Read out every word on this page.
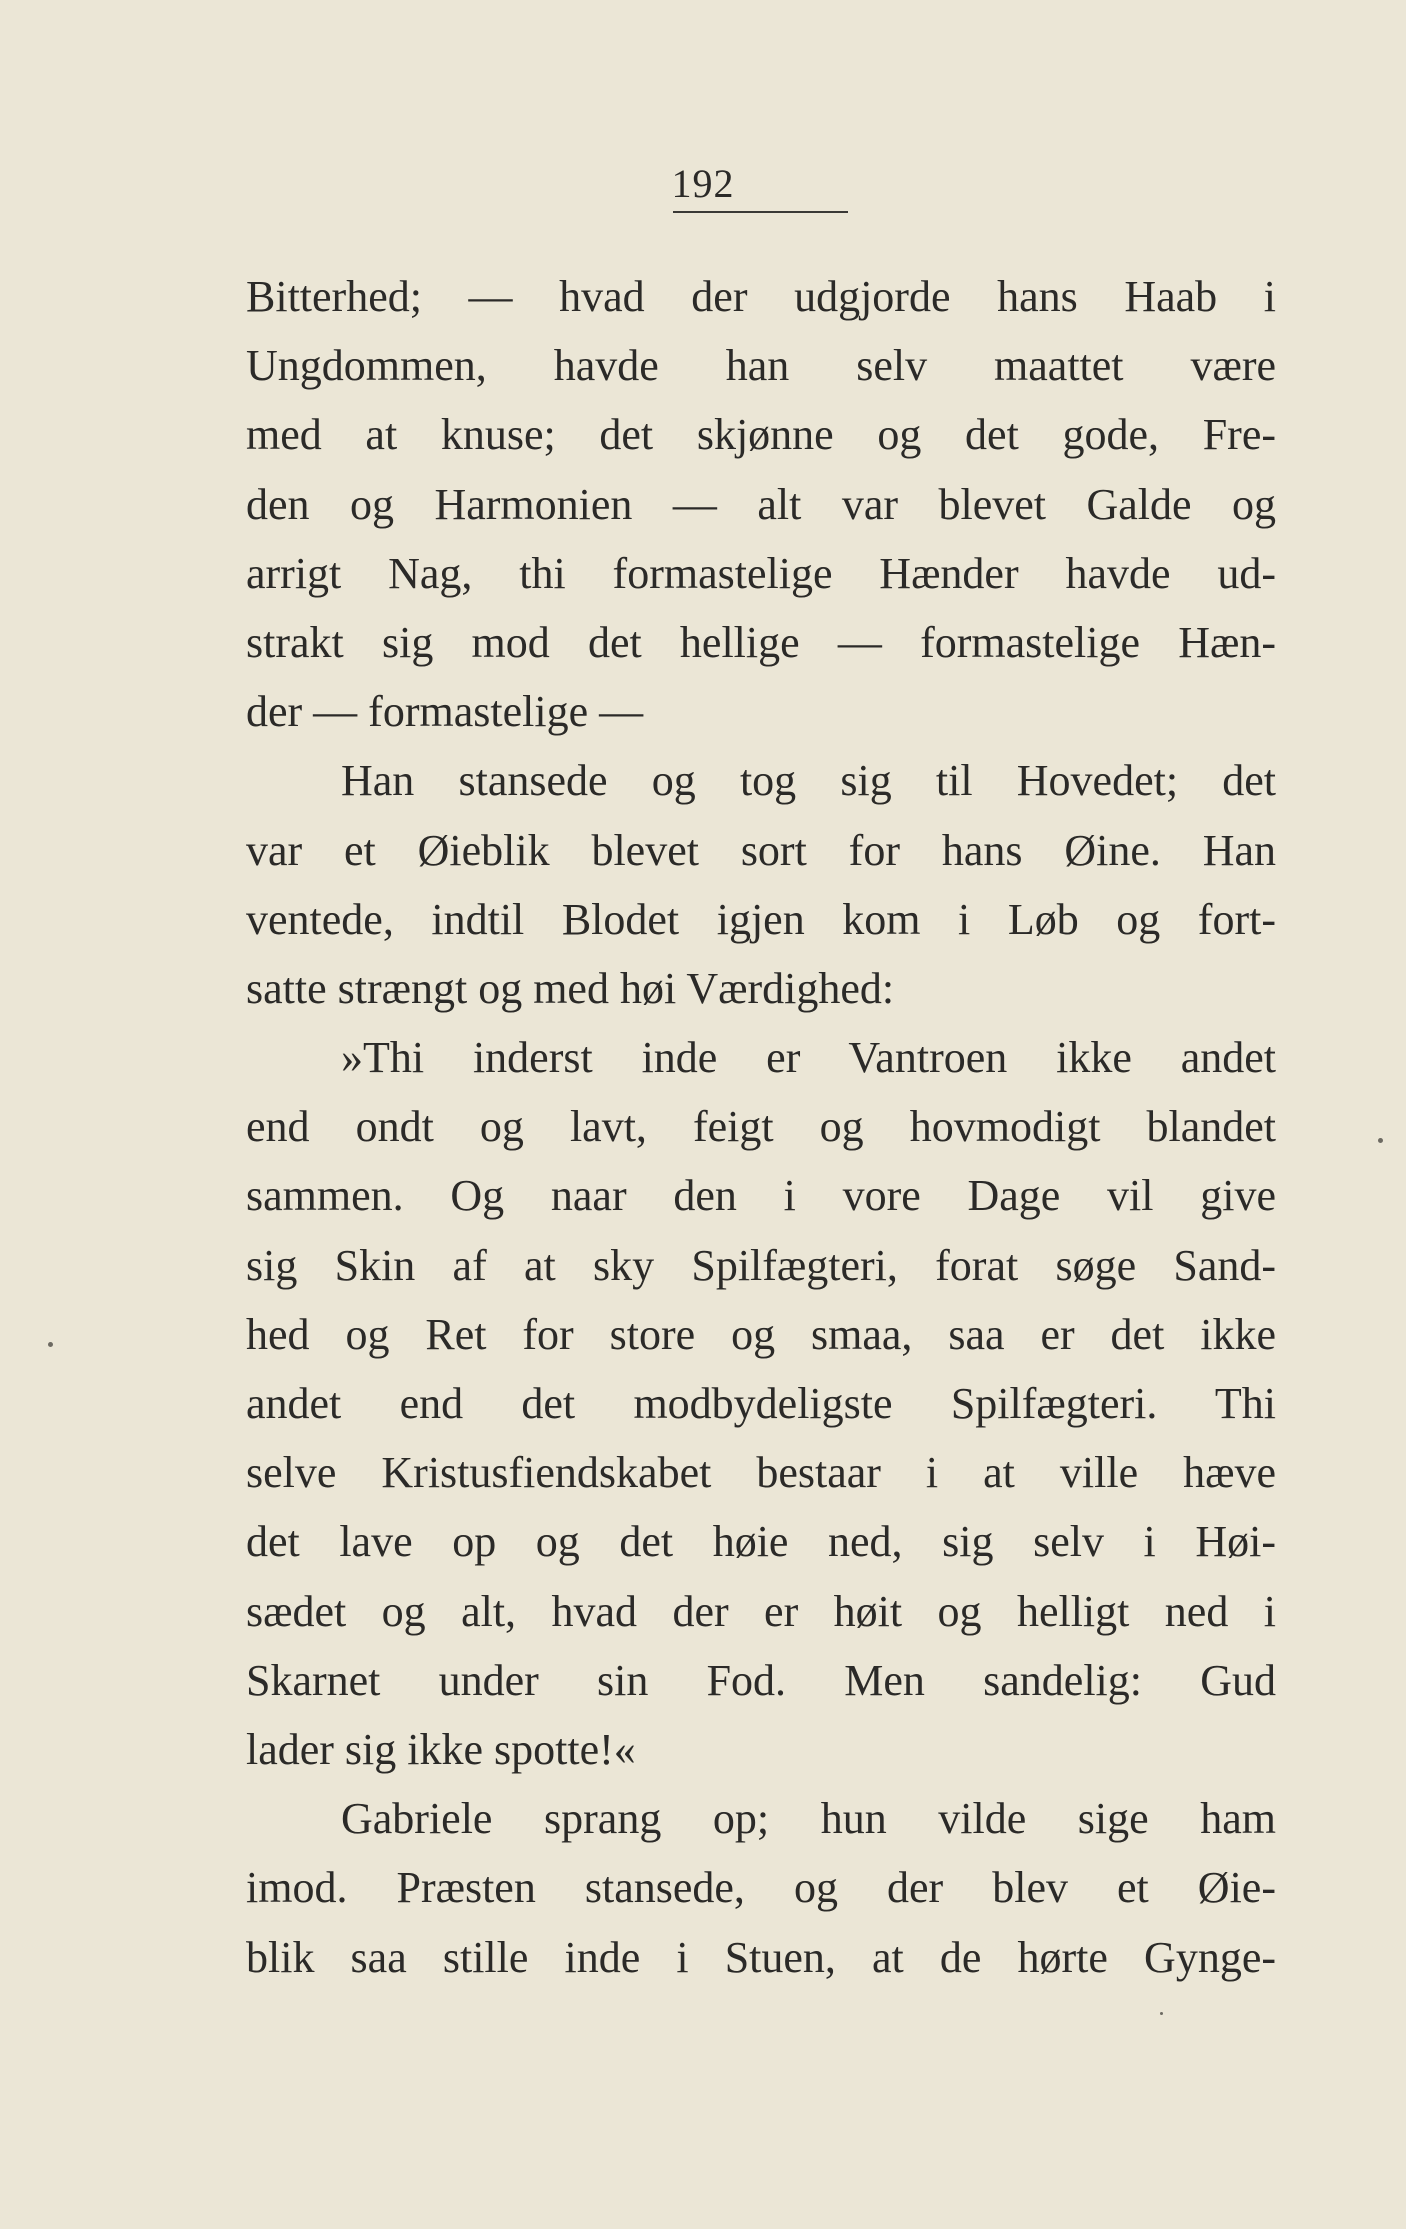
192
Bitterhed; — hvad der udgjorde hans Haab i
Ungdommen, havde han selv maattet være
med at knuse; det skjønne og det gode, Fre-
den og Harmonien — alt var blevet Galde og
arrigt Nag, thi formastelige Hænder havde ud-
strakt sig mod det hellige — formastelige Hæn-
der — formastelige —
Han stansede og tog sig til Hovedet; det
var et Øieblik blevet sort for hans Øine. Han
ventede, indtil Blodet igjen kom i Løb og fort-
satte strængt og med høi Værdighed:
»Thi inderst inde er Vantroen ikke andet
end ondt og lavt, feigt og hovmodigt blandet
sammen. Og naar den i vore Dage vil give
sig Skin af at sky Spilfægteri, forat søge Sand-
hed og Ret for store og smaa, saa er det ikke
andet end det modbydeligste Spilfægteri. Thi
selve Kristusfiendskabet bestaar i at ville hæve
det lave op og det høie ned, sig selv i Høi-
sædet og alt, hvad der er høit og helligt ned i
Skarnet under sin Fod. Men sandelig: Gud
lader sig ikke spotte!«
Gabriele sprang op; hun vilde sige ham
imod. Præsten stansede, og der blev et Øie-
blik saa stille inde i Stuen, at de hørte Gynge-
